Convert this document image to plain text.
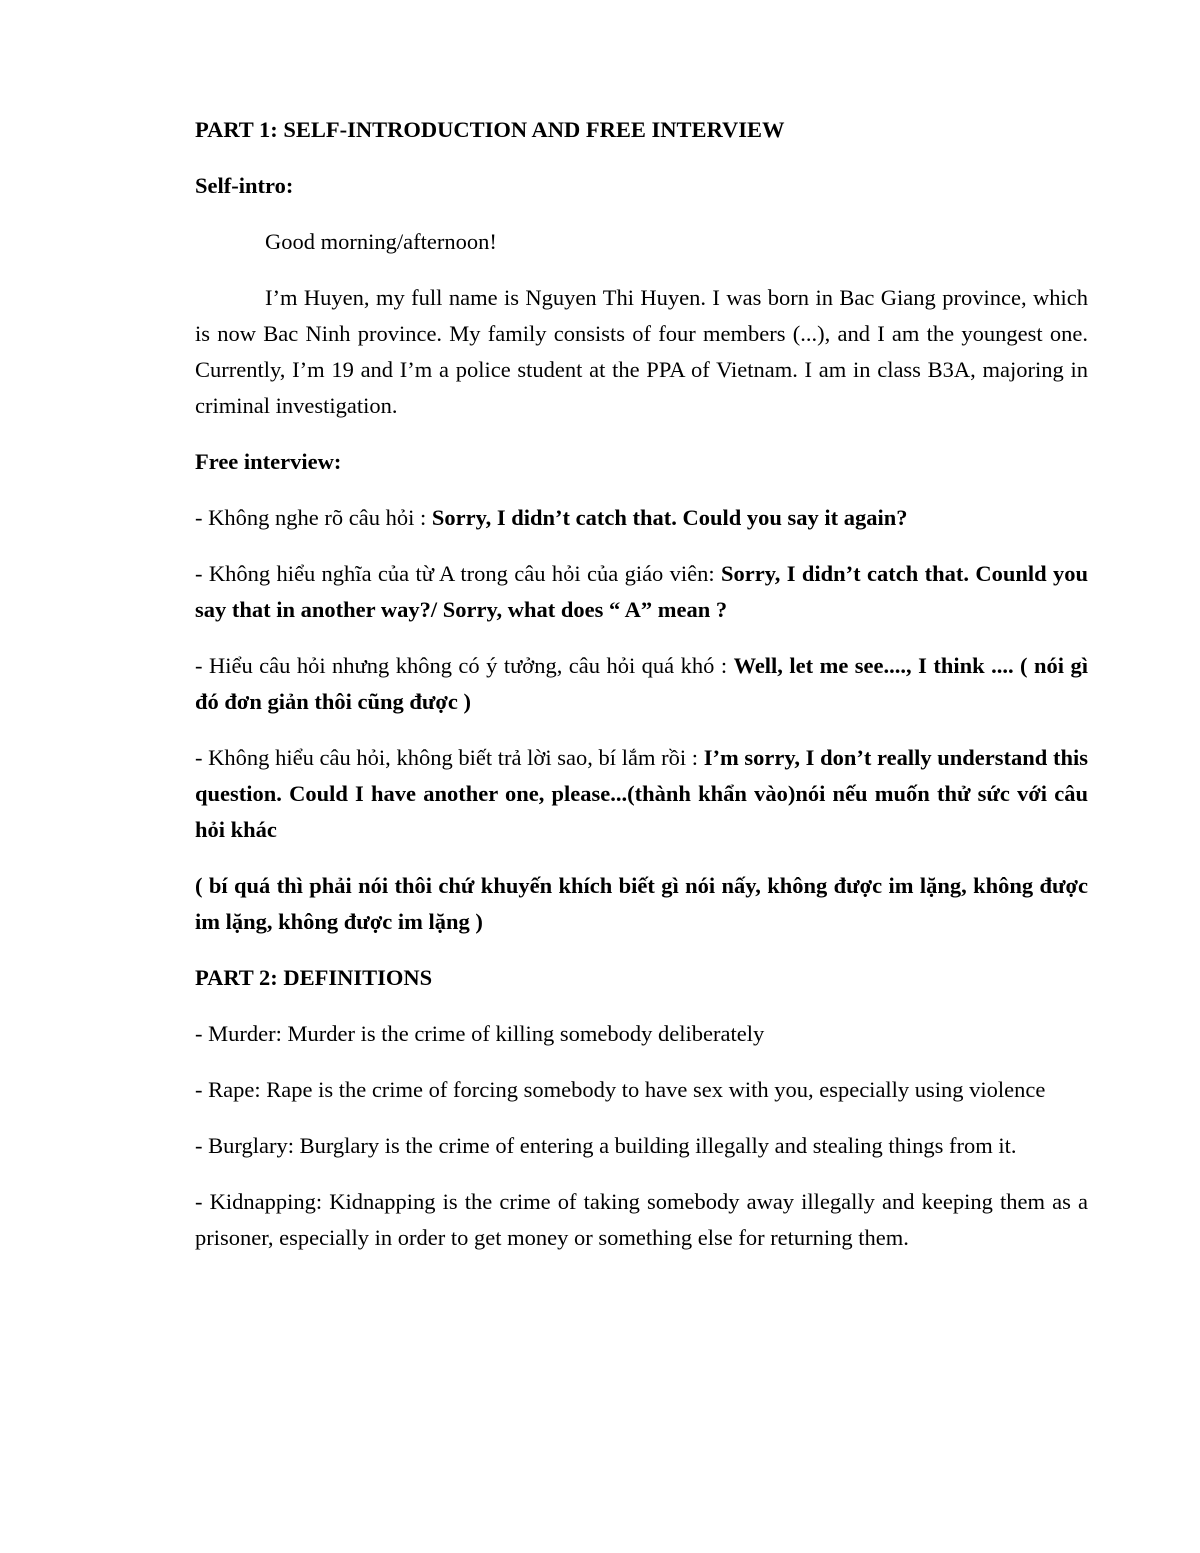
PART 1: SELF-INTRODUCTION AND FREE INTERVIEW

Self-intro:

Good morning/afternoon!

I’m Huyen, my full name is Nguyen Thi Huyen. I was born in Bac Giang province, which is now Bac Ninh province. My family consists of four members (...), and I am the youngest one. Currently, I’m 19 and I’m a police student at the PPA of Vietnam. I am in class B3A, majoring in criminal investigation.

Free interview:

- Không nghe rõ câu hỏi : Sorry, I didn’t catch that. Could you say it again?

- Không hiểu nghĩa của từ A trong câu hỏi của giáo viên: Sorry, I didn’t catch that. Counld you say that in another way?/ Sorry, what does “ A” mean ?

- Hiểu câu hỏi nhưng không có ý tưởng, câu hỏi quá khó : Well, let me see...., I think .... ( nói gì đó đơn giản thôi cũng được )

- Không hiểu câu hỏi, không biết trả lời sao, bí lắm rồi : I’m sorry, I don’t really understand this question. Could I have another one, please...(thành khẩn vào)nói nếu muốn thử sức với câu hỏi khác

( bí quá thì phải nói thôi chứ khuyến khích biết gì nói nấy, không được im lặng, không được im lặng, không được im lặng )

PART 2: DEFINITIONS

- Murder: Murder is the crime of killing somebody deliberately

- Rape: Rape is the crime of forcing somebody to have sex with you, especially using violence

- Burglary: Burglary is the crime of entering a building illegally and stealing things from it.

- Kidnapping: Kidnapping is the crime of taking somebody away illegally and keeping them as a prisoner, especially in order to get money or something else for returning them.
